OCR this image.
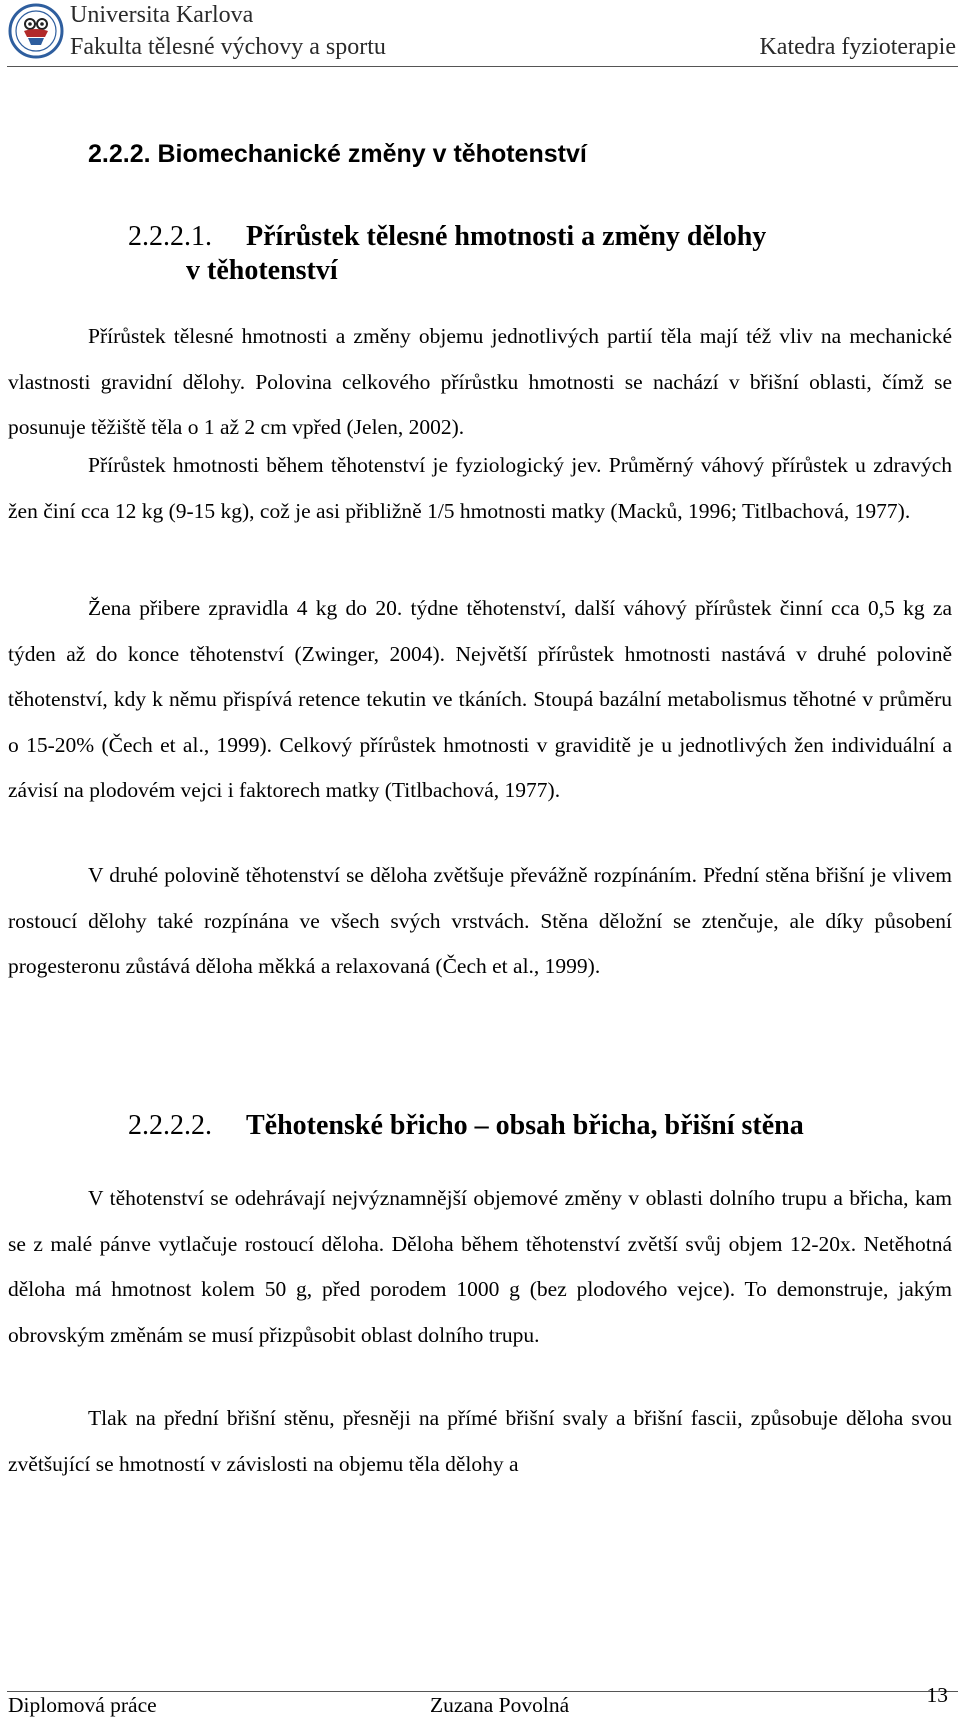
Universita Karlova
Fakulta tělesné výchovy a sportu	Katedra fyzioterapie
2.2.2. Biomechanické změny v těhotenství
2.2.2.1. Přírůstek tělesné hmotnosti a změny dělohy
v těhotenství

Přírůstek tělesné hmotnosti a změny objemu jednotlivých partií těla mají též vliv na mechanické vlastnosti gravidní dělohy. Polovina celkového přírůstku hmotnosti se nachází v břišní oblasti, čímž se posunuje těžiště těla o 1 až 2 cm vpřed (Jelen, 2002).

Přírůstek hmotnosti během těhotenství je fyziologický jev. Průměrný váhový přírůstek u zdravých žen činí cca 12 kg (9-15 kg), což je asi přibližně 1/5 hmotnosti matky (Macků, 1996; Titlbachová, 1977).

Žena přibere zpravidla 4 kg do 20. týdne těhotenství, další váhový přírůstek činní cca 0,5 kg za týden až do konce těhotenství (Zwinger, 2004). Největší přírůstek hmotnosti nastává v druhé polovině těhotenství, kdy k němu přispívá retence tekutin ve tkáních. Stoupá bazální metabolismus těhotné v průměru o 15-20% (Čech et al., 1999). Celkový přírůstek hmotnosti v graviditě je u jednotlivých žen individuální a závisí na plodovém vejci i faktorech matky (Titlbachová, 1977).

V druhé polovině těhotenství se děloha zvětšuje převážně rozpínáním. Přední stěna břišní je vlivem rostoucí dělohy také rozpínána ve všech svých vrstvách. Stěna děložní se ztenčuje, ale díky působení progesteronu zůstává děloha měkká a relaxovaná (Čech et al., 1999).

2.2.2.2. Těhotenské břicho – obsah břicha, břišní stěna

V těhotenství se odehrávají nejvýznamnější objemové změny v oblasti dolního trupu a břicha, kam se z malé pánve vytlačuje rostoucí děloha. Děloha během těhotenství zvětší svůj objem 12-20x. Netěhotná děloha má hmotnost kolem 50 g, před porodem 1000 g (bez plodového vejce). To demonstruje, jakým obrovským změnám se musí přizpůsobit oblast dolního trupu.

Tlak na přední břišní stěnu, přesněji na přímé břišní svaly a břišní fascii, způsobuje děloha svou zvětšující se hmotností v závislosti na objemu těla dělohy a

Diplomová práce	Zuzana Povolná	13
